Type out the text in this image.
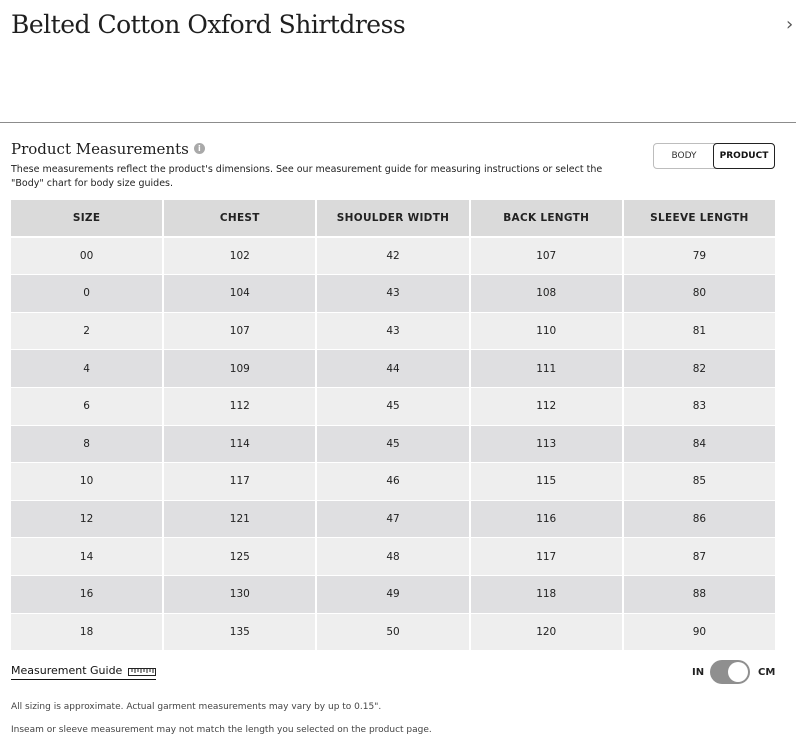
Belted Cotton Oxford Shirtdress	›
Product Measurements i
These measurements reflect the product's dimensions. See our measurement guide for measuring instructions or select the "Body" chart for body size guides.
BODY	PRODUCT
SIZE	CHEST	SHOULDER WIDTH	BACK LENGTH	SLEEVE LENGTH
00	102	42	107	79
0	104	43	108	80
2	107	43	110	81
4	109	44	111	82
6	112	45	112	83
8	114	45	113	84
10	117	46	115	85
12	121	47	116	86
14	125	48	117	87
16	130	49	118	88
18	135	50	120	90
Measurement Guide	IN	CM
All sizing is approximate. Actual garment measurements may vary by up to 0.15".
Inseam or sleeve measurement may not match the length you selected on the product page.
